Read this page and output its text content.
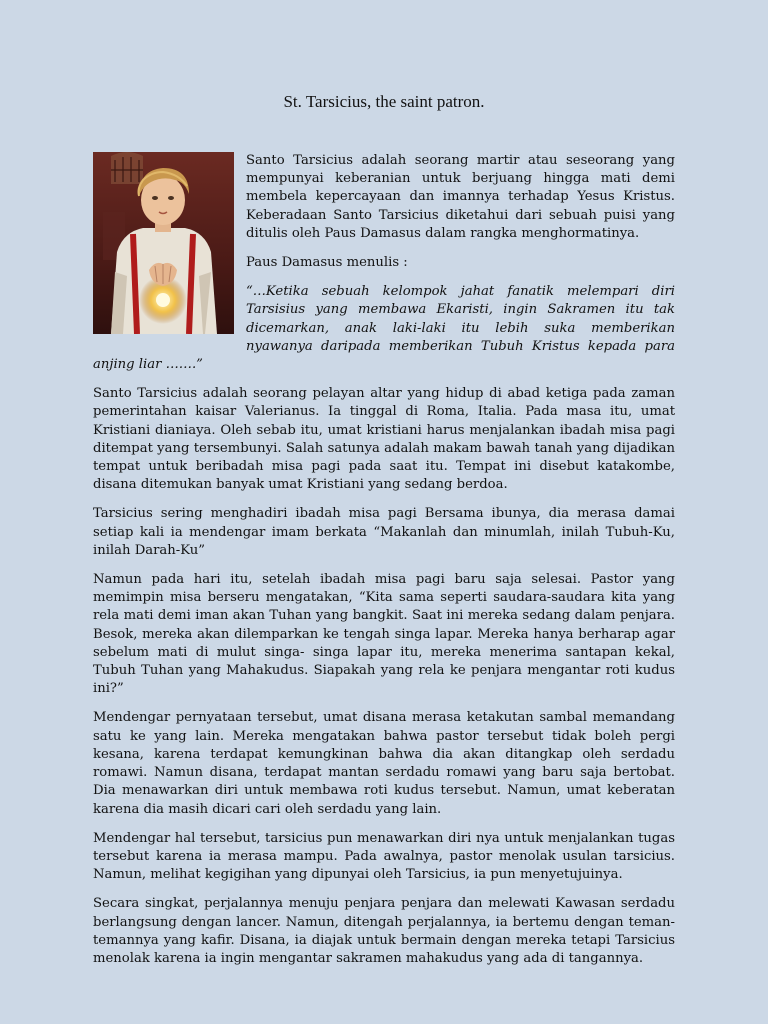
St. Tarsicius, the saint patron.

Santo Tarsicius adalah seorang martir atau seseorang yang mempunyai keberanian untuk berjuang hingga mati demi membela kepercayaan dan imannya terhadap Yesus Kristus. Keberadaan Santo Tarsicius diketahui dari sebuah puisi yang ditulis oleh Paus Damasus dalam rangka menghormatinya.

Paus Damasus menulis :

“…Ketika sebuah kelompok jahat fanatik melempari diri Tarsisius yang membawa Ekaristi, ingin Sakramen itu tak dicemarkan, anak laki-laki itu lebih suka memberikan nyawanya daripada memberikan Tubuh Kristus kepada para anjing liar …….”

Santo Tarsicius adalah seorang pelayan altar yang hidup di abad ketiga pada zaman pemerintahan kaisar Valerianus. Ia tinggal di Roma, Italia. Pada masa itu, umat Kristiani dianiaya. Oleh sebab itu, umat kristiani harus menjalankan ibadah misa pagi ditempat yang tersembunyi. Salah satunya adalah makam bawah tanah yang dijadikan tempat untuk beribadah misa pagi pada saat itu. Tempat ini disebut katakombe, disana ditemukan banyak umat Kristiani yang sedang berdoa.

Tarsicius sering menghadiri ibadah misa pagi Bersama ibunya, dia merasa damai setiap kali ia mendengar imam berkata “Makanlah dan minumlah, inilah Tubuh-Ku, inilah Darah-Ku”

Namun pada hari itu, setelah ibadah misa pagi baru saja selesai. Pastor yang memimpin misa berseru mengatakan, “Kita sama seperti saudara-saudara kita yang rela mati demi iman akan Tuhan yang bangkit. Saat ini mereka sedang dalam penjara. Besok, mereka akan dilemparkan ke tengah singa lapar. Mereka hanya berharap agar sebelum mati di mulut singa- singa lapar itu, mereka menerima santapan kekal, Tubuh Tuhan yang Mahakudus. Siapakah yang rela ke penjara mengantar roti kudus ini?”

Mendengar pernyataan tersebut, umat disana merasa ketakutan sambal memandang satu ke yang lain. Mereka mengatakan bahwa pastor tersebut tidak boleh pergi kesana, karena terdapat kemungkinan bahwa dia akan ditangkap oleh serdadu romawi. Namun disana, terdapat mantan serdadu romawi yang baru saja bertobat. Dia menawarkan diri untuk membawa roti kudus tersebut. Namun, umat keberatan karena dia masih dicari cari oleh serdadu yang lain.

Mendengar hal tersebut, tarsicius pun menawarkan diri nya untuk menjalankan tugas tersebut karena ia merasa mampu. Pada awalnya, pastor menolak usulan tarsicius. Namun, melihat kegigihan yang dipunyai oleh Tarsicius, ia pun menyetujuinya.

Secara singkat, perjalannya menuju penjara penjara dan melewati Kawasan serdadu berlangsung dengan lancer. Namun, ditengah perjalannya, ia bertemu dengan teman-temannya yang kafir. Disana, ia diajak untuk bermain dengan mereka tetapi Tarsicius menolak karena ia ingin mengantar sakramen mahakudus yang ada di tangannya.
